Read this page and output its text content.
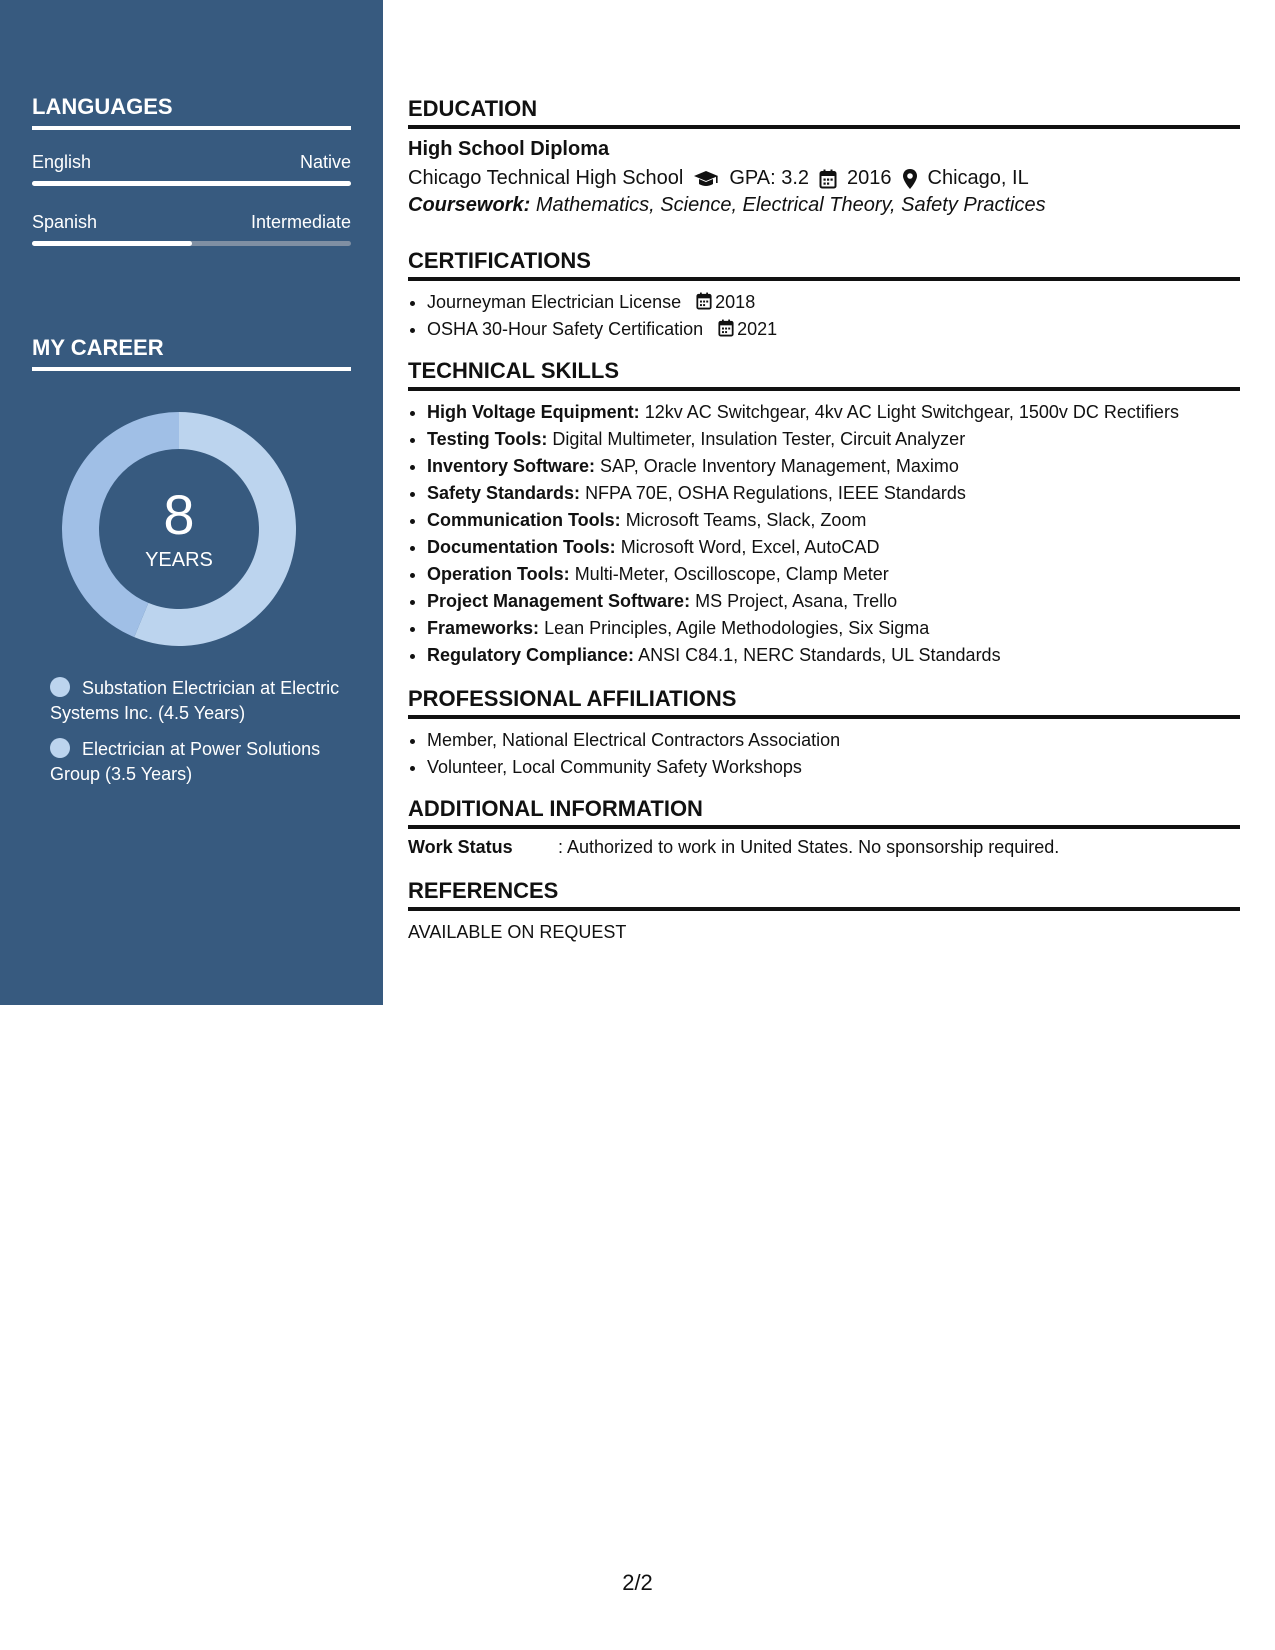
LANGUAGES
English	Native
Spanish	Intermediate
MY CAREER
8
YEARS
Substation Electrician at Electric Systems Inc. (4.5 Years)
Electrician at Power Solutions Group (3.5 Years)
EDUCATION
High School Diploma
Chicago Technical High School GPA: 3.2 2016 Chicago, IL
Coursework: Mathematics, Science, Electrical Theory, Safety Practices
CERTIFICATIONS
• Journeyman Electrician License 2018
• OSHA 30-Hour Safety Certification 2021
TECHNICAL SKILLS
• High Voltage Equipment: 12kv AC Switchgear, 4kv AC Light Switchgear, 1500v DC Rectifiers
• Testing Tools: Digital Multimeter, Insulation Tester, Circuit Analyzer
• Inventory Software: SAP, Oracle Inventory Management, Maximo
• Safety Standards: NFPA 70E, OSHA Regulations, IEEE Standards
• Communication Tools: Microsoft Teams, Slack, Zoom
• Documentation Tools: Microsoft Word, Excel, AutoCAD
• Operation Tools: Multi-Meter, Oscilloscope, Clamp Meter
• Project Management Software: MS Project, Asana, Trello
• Frameworks: Lean Principles, Agile Methodologies, Six Sigma
• Regulatory Compliance: ANSI C84.1, NERC Standards, UL Standards
PROFESSIONAL AFFILIATIONS
• Member, National Electrical Contractors Association
• Volunteer, Local Community Safety Workshops
ADDITIONAL INFORMATION
Work Status	: Authorized to work in United States. No sponsorship required.
REFERENCES
AVAILABLE ON REQUEST
2/2
